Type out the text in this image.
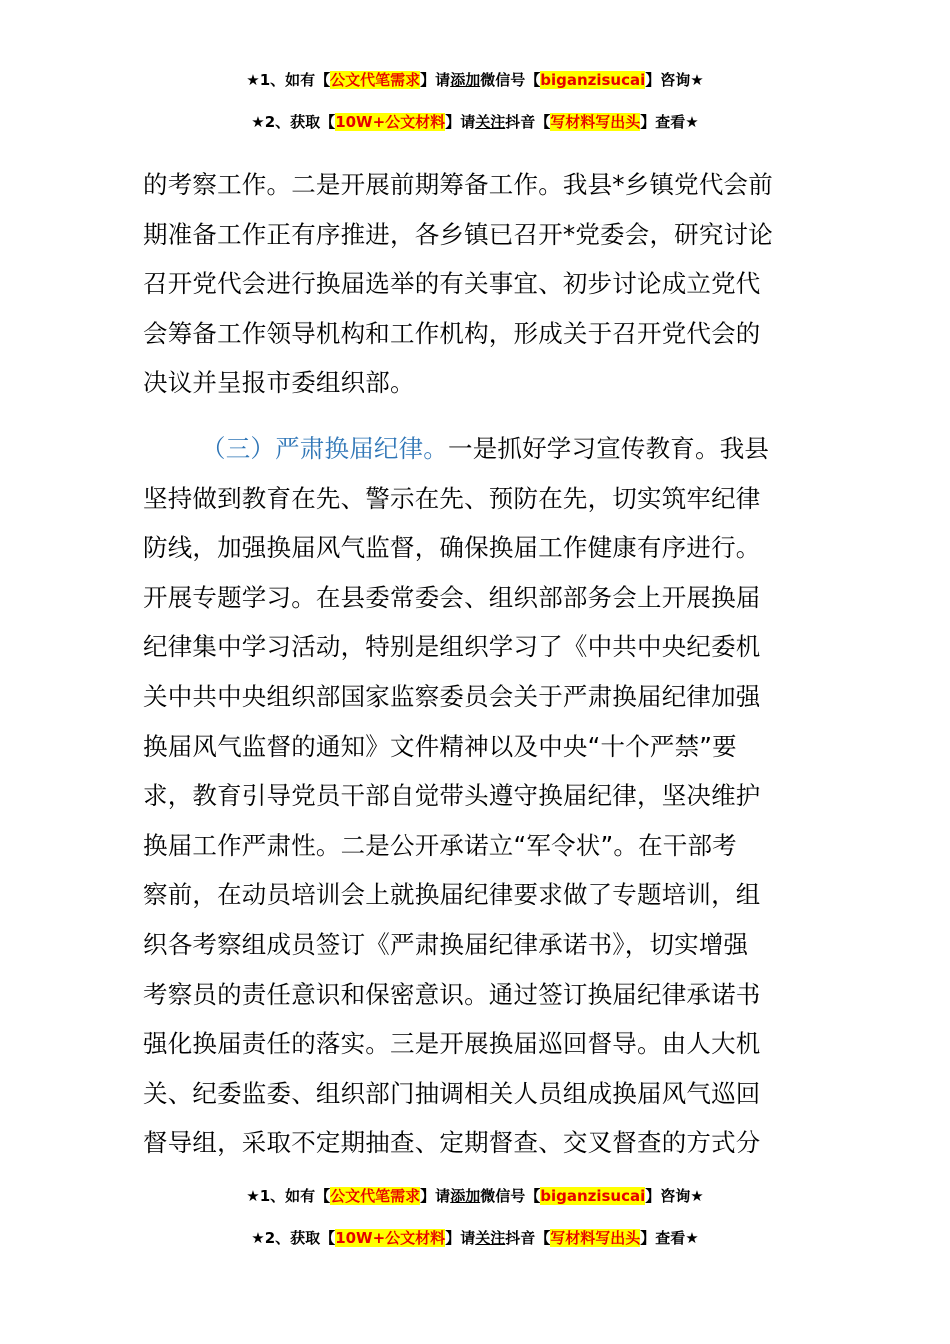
★1、如有【公文代笔需求】请添加微信号【biganzisucai】咨询★
★2、获取【10W+公文材料】请关注抖音【写材料写出头】查看★
的考察工作。二是开展前期筹备工作。我县*乡镇党代会前
期准备工作正有序推进，各乡镇已召开*党委会，研究讨论
召开党代会进行换届选举的有关事宜、初步讨论成立党代
会筹备工作领导机构和工作机构，形成关于召开党代会的
决议并呈报市委组织部。
（三）严肃换届纪律。一是抓好学习宣传教育。我县
坚持做到教育在先、警示在先、预防在先，切实筑牢纪律
防线，加强换届风气监督，确保换届工作健康有序进行。
开展专题学习。在县委常委会、组织部部务会上开展换届
纪律集中学习活动，特别是组织学习了《中共中央纪委机
关中共中央组织部国家监察委员会关于严肃换届纪律加强
换届风气监督的通知》文件精神以及中央“十个严禁”要
求，教育引导党员干部自觉带头遵守换届纪律，坚决维护
换届工作严肃性。二是公开承诺立“军令状”。在干部考
察前，在动员培训会上就换届纪律要求做了专题培训，组
织各考察组成员签订《严肃换届纪律承诺书》，切实增强
考察员的责任意识和保密意识。通过签订换届纪律承诺书
强化换届责任的落实。三是开展换届巡回督导。由人大机
关、纪委监委、组织部门抽调相关人员组成换届风气巡回
督导组，采取不定期抽查、定期督查、交叉督查的方式分
★1、如有【公文代笔需求】请添加微信号【biganzisucai】咨询★
★2、获取【10W+公文材料】请关注抖音【写材料写出头】查看★
